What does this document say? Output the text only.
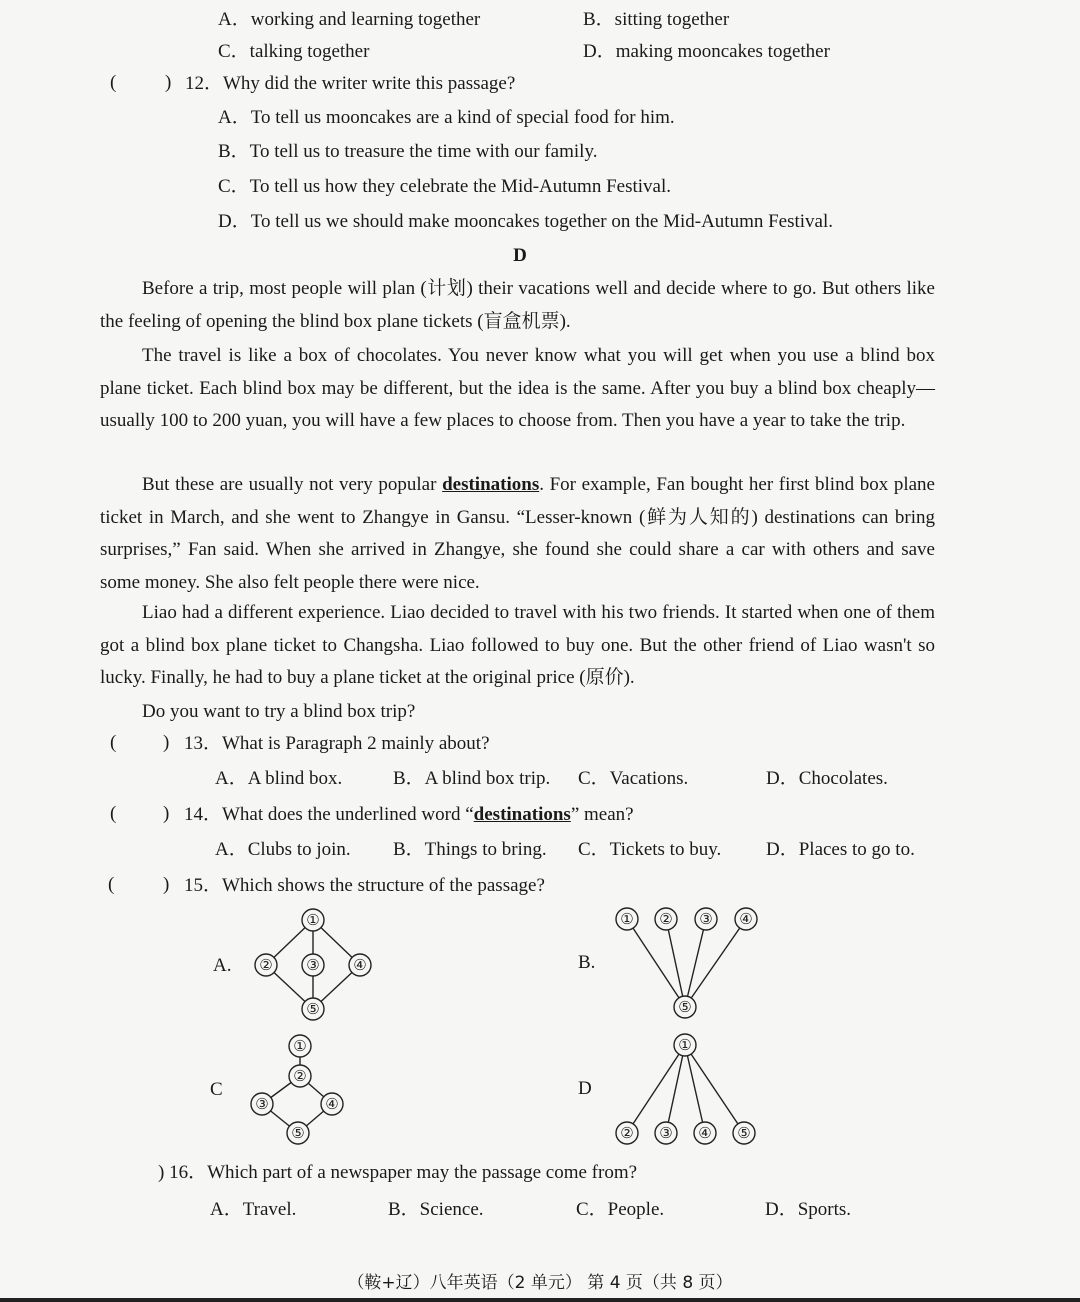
A．working and learning together	B．sitting together
C．talking together	D．making mooncakes together
(	) 12．Why did the writer write this passage?
A．To tell us mooncakes are a kind of special food for him.
B．To tell us to treasure the time with our family.
C．To tell us how they celebrate the Mid-Autumn Festival.
D．To tell us we should make mooncakes together on the Mid-Autumn Festival.
D
Before a trip, most people will plan (计划) their vacations well and decide where to go. But others like the feeling of opening the blind box plane tickets (盲盒机票).
The travel is like a box of chocolates. You never know what you will get when you use a blind box plane ticket. Each blind box may be different, but the idea is the same. After you buy a blind box cheaply—usually 100 to 200 yuan, you will have a few places to choose from. Then you have a year to take the trip.
But these are usually not very popular destinations. For example, Fan bought her first blind box plane ticket in March, and she went to Zhangye in Gansu. “Lesser-known (鲜为人知的) destinations can bring surprises,” Fan said. When she arrived in Zhangye, she found she could share a car with others and save some money. She also felt people there were nice.
Liao had a different experience. Liao decided to travel with his two friends. It started when one of them got a blind box plane ticket to Changsha. Liao followed to buy one. But the other friend of Liao wasn't so lucky. Finally, he had to buy a plane ticket at the original price (原价).
Do you want to try a blind box trip?
( ) 13．What is Paragraph 2 mainly about?
A．A blind box.	B．A blind box trip. C．Vacations.	D．Chocolates.
( ) 14．What does the underlined word “destinations” mean?
A．Clubs to join. B．Things to bring. C．Tickets to buy. D．Places to go to.
(	) 15．Which shows the structure of the passage?
A.	B.
C	D
①
② ③ ④
⑤
① ② ③ ④
⑤
①
②
③	④
⑤
①
② ③ ④ ⑤
) 16．Which part of a newspaper may the passage come from?
A．Travel.	B．Science.	C．People.	D．Sports.
（鞍+辽）八年英语（2 单元） 第 4 页（共 8 页）
